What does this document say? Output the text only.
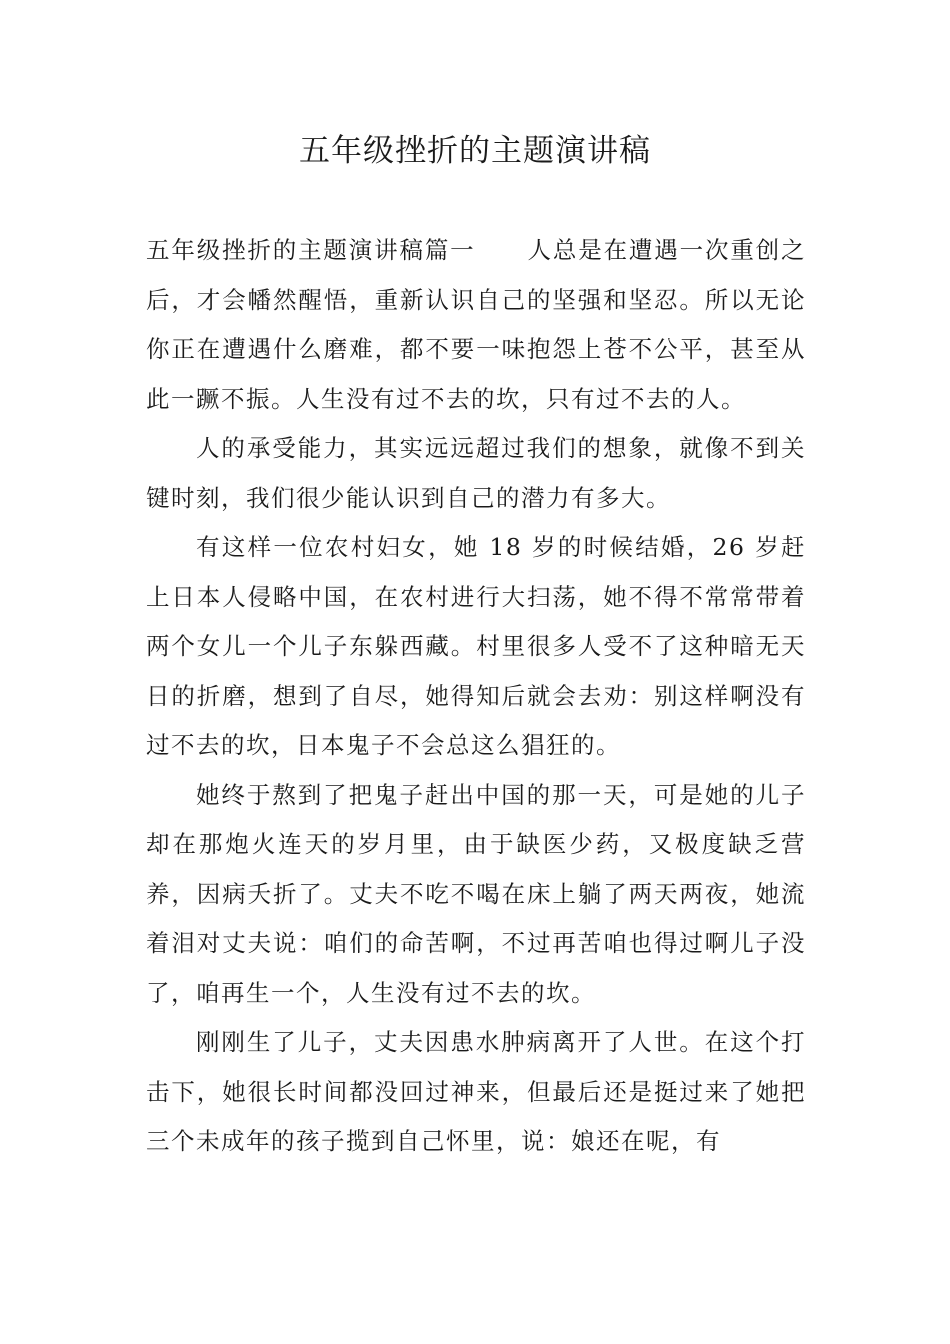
五年级挫折的主题演讲稿

五年级挫折的主题演讲稿篇一 人总是在遭遇一次重创之后，才会幡然醒悟，重新认识自己的坚强和坚忍。所以无论你正在遭遇什么磨难，都不要一味抱怨上苍不公平，甚至从此一蹶不振。人生没有过不去的坎，只有过不去的人。

人的承受能力，其实远远超过我们的想象，就像不到关键时刻，我们很少能认识到自己的潜力有多大。

有这样一位农村妇女，她 18 岁的时候结婚，26 岁赶上日本人侵略中国，在农村进行大扫荡，她不得不常常带着两个女儿一个儿子东躲西藏。村里很多人受不了这种暗无天日的折磨，想到了自尽，她得知后就会去劝：别这样啊没有过不去的坎，日本鬼子不会总这么猖狂的。

她终于熬到了把鬼子赶出中国的那一天，可是她的儿子却在那炮火连天的岁月里，由于缺医少药，又极度缺乏营养，因病夭折了。丈夫不吃不喝在床上躺了两天两夜，她流着泪对丈夫说：咱们的命苦啊，不过再苦咱也得过啊儿子没了，咱再生一个，人生没有过不去的坎。

刚刚生了儿子，丈夫因患水肿病离开了人世。在这个打击下，她很长时间都没回过神来，但最后还是挺过来了她把三个未成年的孩子揽到自己怀里，说：娘还在呢，有
